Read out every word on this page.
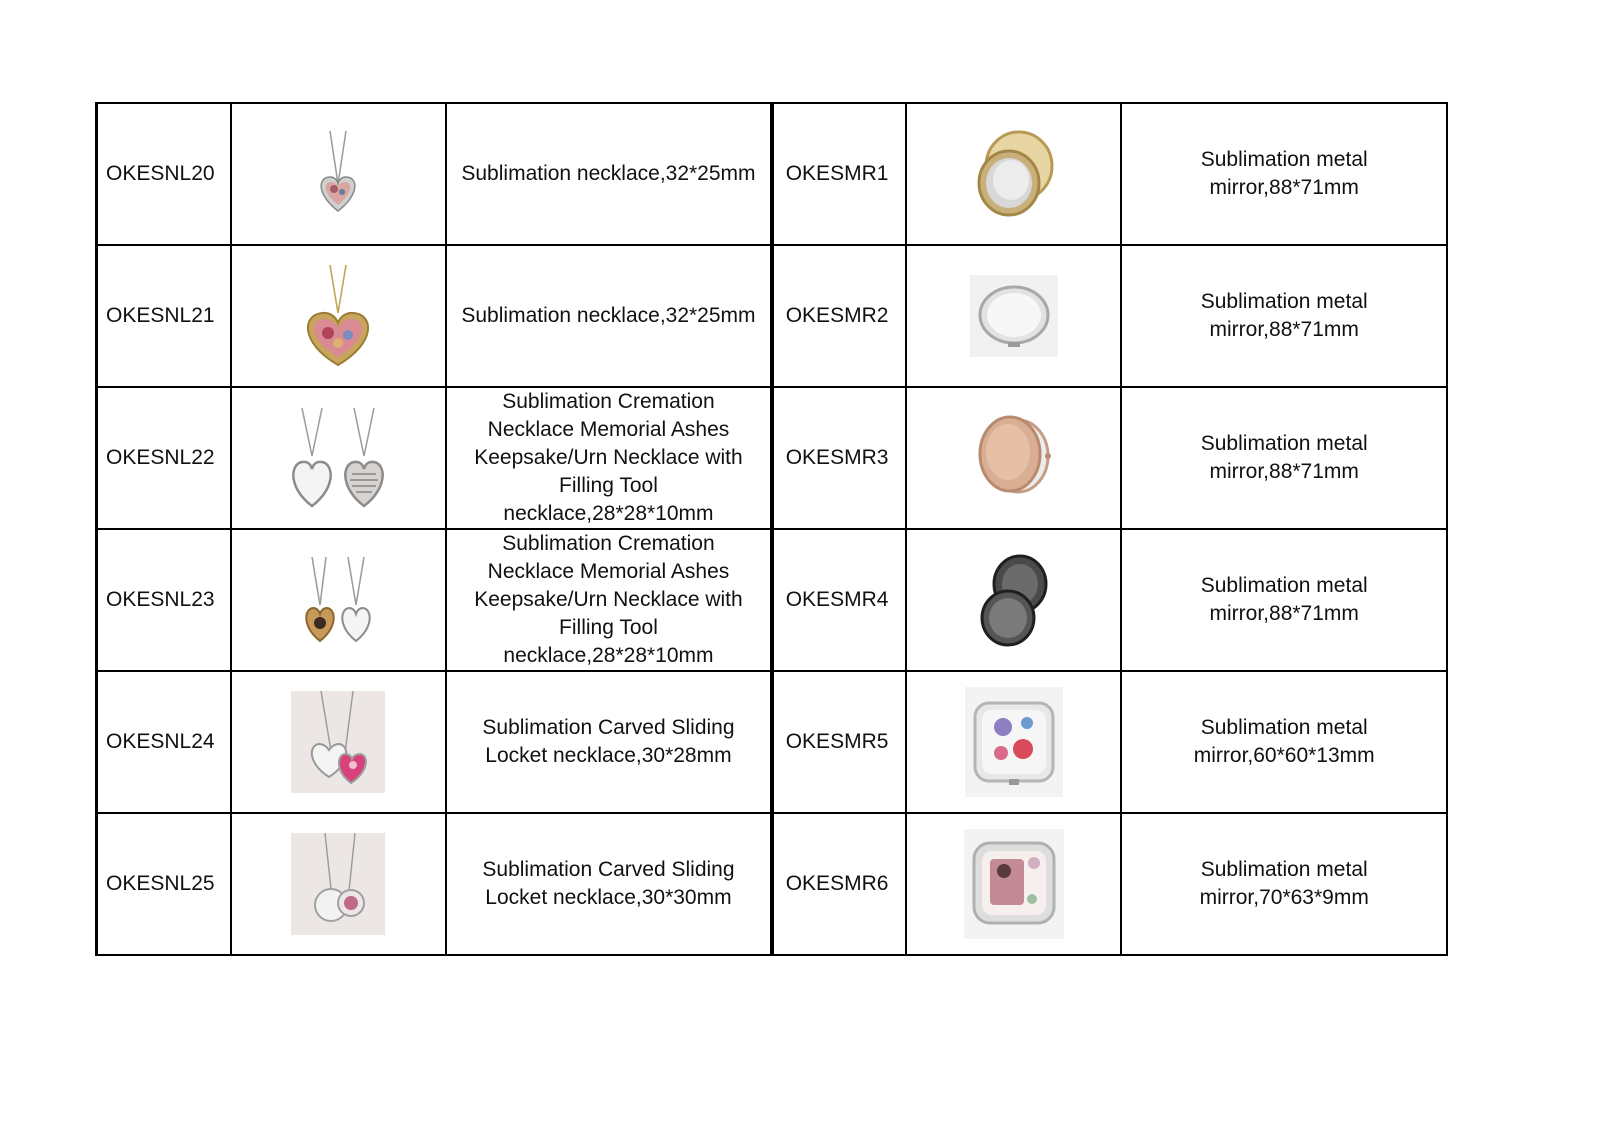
OKESNL20		Sublimation necklace,32*25mm	OKESMR1		Sublimation metal mirror,88*71mm
OKESNL21		Sublimation necklace,32*25mm	OKESMR2		Sublimation metal mirror,88*71mm
OKESNL22		Sublimation Cremation Necklace Memorial Ashes Keepsake/Urn Necklace with Filling Tool necklace,28*28*10mm	OKESMR3		Sublimation metal mirror,88*71mm
OKESNL23		Sublimation Cremation Necklace Memorial Ashes Keepsake/Urn Necklace with Filling Tool necklace,28*28*10mm	OKESMR4		Sublimation metal mirror,88*71mm
OKESNL24		Sublimation Carved Sliding Locket necklace,30*28mm	OKESMR5		Sublimation metal mirror,60*60*13mm
OKESNL25		Sublimation Carved Sliding Locket necklace,30*30mm	OKESMR6		Sublimation metal mirror,70*63*9mm
